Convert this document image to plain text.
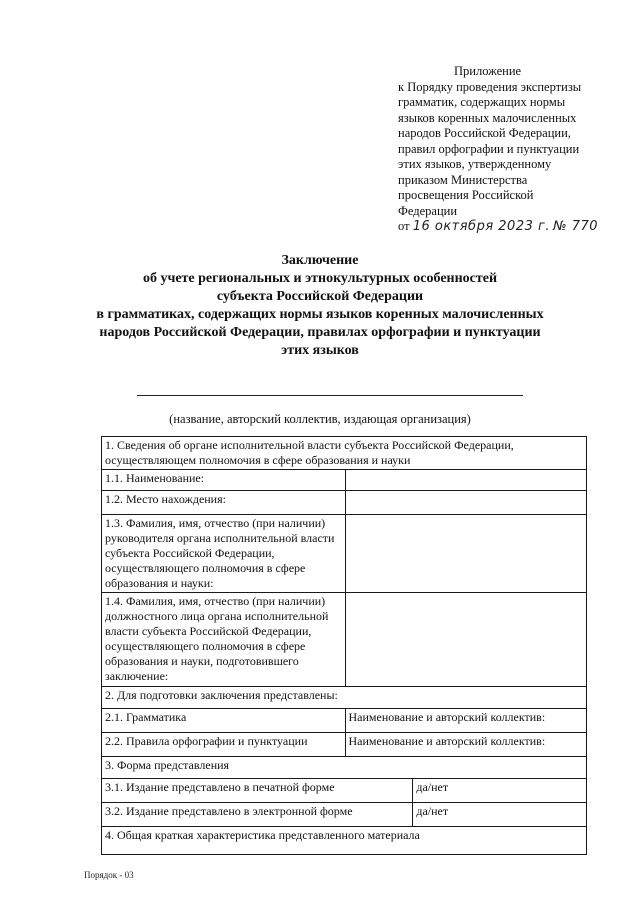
Приложение
к Порядку проведения экспертизы
грамматик, содержащих нормы
языков коренных малочисленных
народов Российской Федерации,
правил орфографии и пунктуации
этих языков, утвержденному
приказом Министерства
просвещения Российской
Федерации
от 16 октября 2023 г. № 770
Заключение
об учете региональных и этнокультурных особенностей
субъекта Российской Федерации
в грамматиках, содержащих нормы языков коренных малочисленных
народов Российской Федерации, правилах орфографии и пунктуации
этих языков
(название, авторский коллектив, издающая организация)
1. Сведения об органе исполнительной власти субъекта Российской Федерации, осуществляющем полномочия в сфере образования и науки		
1.1. Наименование:		
1.2. Место нахождения:		
1.3. Фамилия, имя, отчество (при наличии) руководителя органа исполнительной власти субъекта Российской Федерации, осуществляющего полномочия в сфере образования и науки:		
1.4. Фамилия, имя, отчество (при наличии) должностного лица органа исполнительной власти субъекта Российской Федерации, осуществляющего полномочия в сфере образования и науки, подготовившего заключение:		
2. Для подготовки заключения представлены:		
2.1. Грамматика	Наименование и авторский коллектив:	
2.2. Правила орфографии и пунктуации	Наименование и авторский коллектив:	
3. Форма представления		
3.1. Издание представлено в печатной форме		да/нет
3.2. Издание представлено в электронной форме		да/нет
4. Общая краткая характеристика представленного материала		
Порядок - 03
